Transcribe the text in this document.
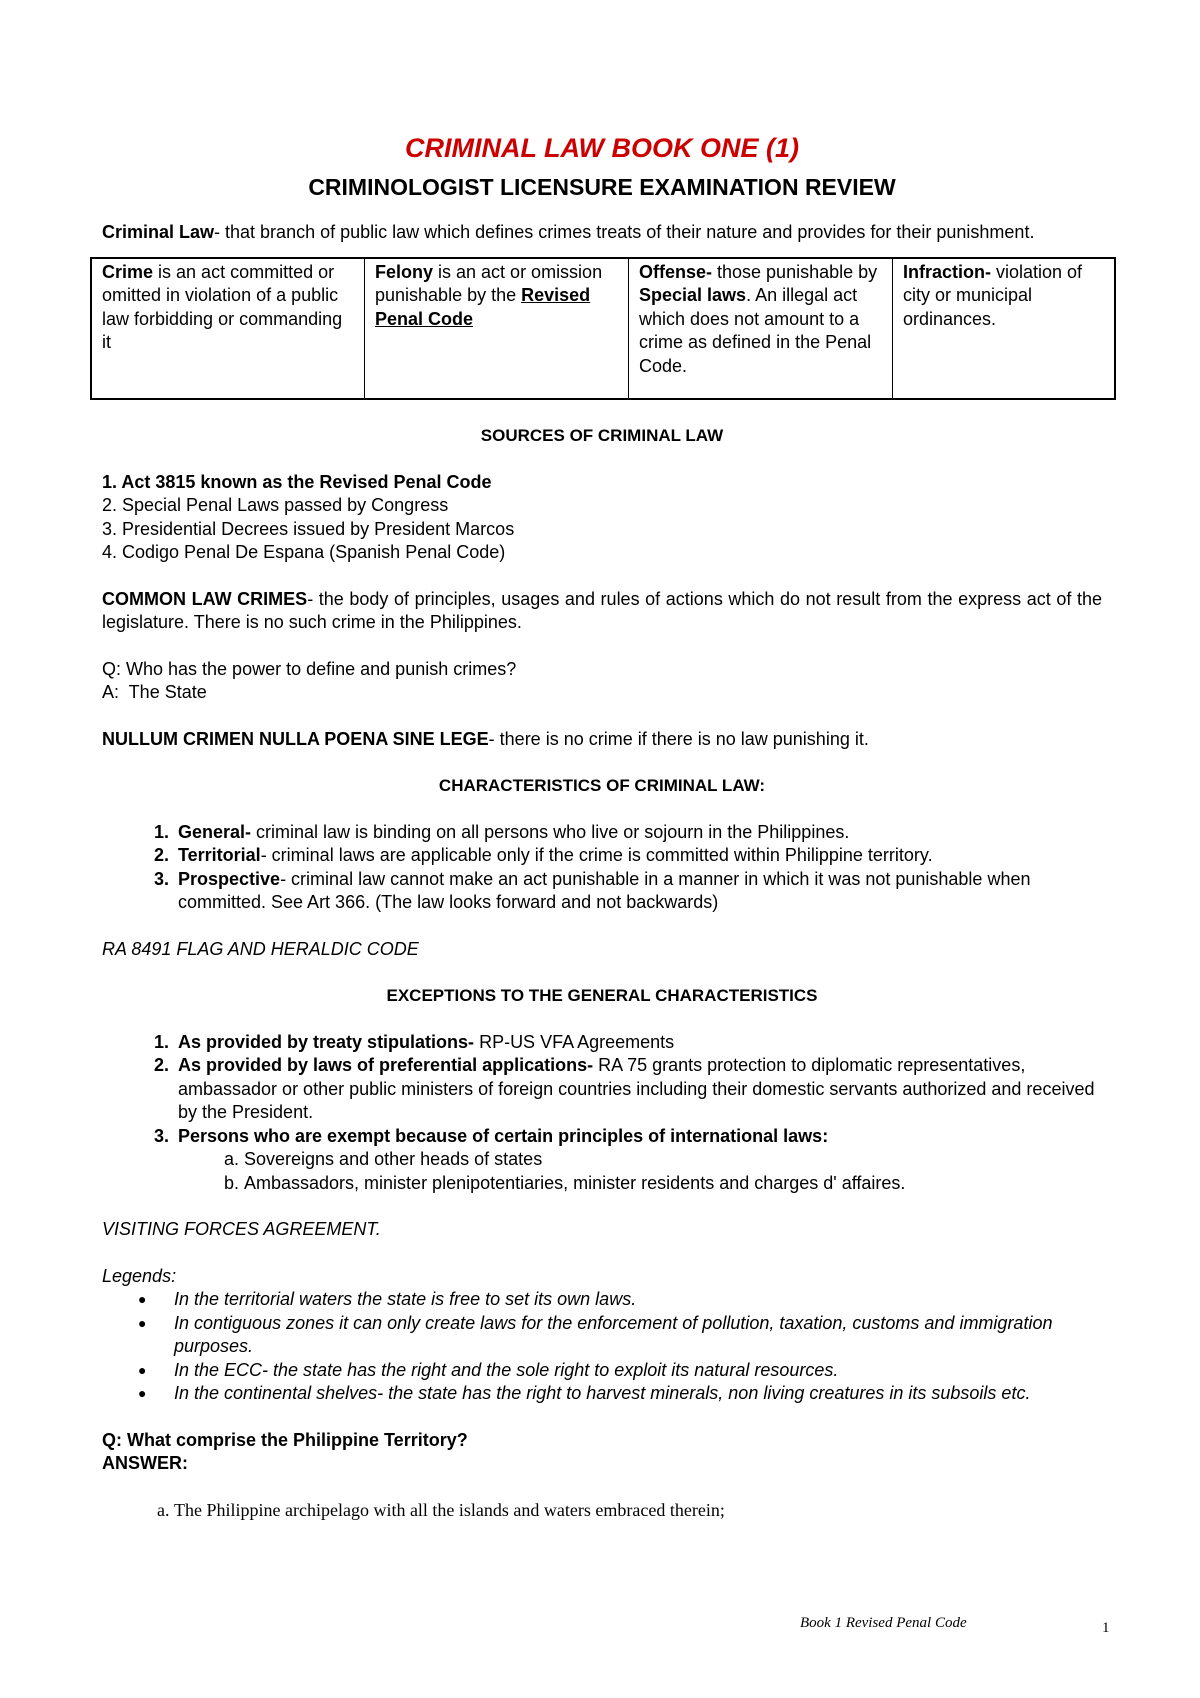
CRIMINAL LAW BOOK ONE (1)
CRIMINOLOGIST LICENSURE EXAMINATION REVIEW

Criminal Law- that branch of public law which defines crimes treats of their nature and provides for their punishment.

Crime is an act committed or omitted in violation of a public law forbidding or commanding it	Felony is an act or omission punishable by the Revised Penal Code	Offense- those punishable by Special laws. An illegal act which does not amount to a crime as defined in the Penal Code.	Infraction- violation of city or municipal ordinances.

SOURCES OF CRIMINAL LAW

1. Act 3815 known as the Revised Penal Code

2. Special Penal Laws passed by Congress

3. Presidential Decrees issued by President Marcos

4. Codigo Penal De Espana (Spanish Penal Code)

COMMON LAW CRIMES- the body of principles, usages and rules of actions which do not result from the express act of the legislature. There is no such crime in the Philippines.

Q: Who has the power to define and punish crimes?

A:  The State

NULLUM CRIMEN NULLA POENA SINE LEGE- there is no crime if there is no law punishing it.

CHARACTERISTICS OF CRIMINAL LAW:

1. General- criminal law is binding on all persons who live or sojourn in the Philippines.
2. Territorial- criminal laws are applicable only if the crime is committed within Philippine territory.
3. Prospective- criminal law cannot make an act punishable in a manner in which it was not punishable when committed. See Art 366. (The law looks forward and not backwards)

RA 8491 FLAG AND HERALDIC CODE

EXCEPTIONS TO THE GENERAL CHARACTERISTICS

1. As provided by treaty stipulations- RP-US VFA Agreements
2. As provided by laws of preferential applications- RA 75 grants protection to diplomatic representatives, ambassador or other public ministers of foreign countries including their domestic servants authorized and received by the President.
3. Persons who are exempt because of certain principles of international laws:
a. Sovereigns and other heads of states
b. Ambassadors, minister plenipotentiaries, minister residents and charges d' affaires.

VISITING FORCES AGREEMENT.

Legends:

● In the territorial waters the state is free to set its own laws.
● In contiguous zones it can only create laws for the enforcement of pollution, taxation, customs and immigration purposes.
● In the ECC- the state has the right and the sole right to exploit its natural resources.
● In the continental shelves- the state has the right to harvest minerals, non living creatures in its subsoils etc.

Q: What comprise the Philippine Territory?

ANSWER:

a. The Philippine archipelago with all the islands and waters embraced therein;
Book 1 Revised Penal Code	1
